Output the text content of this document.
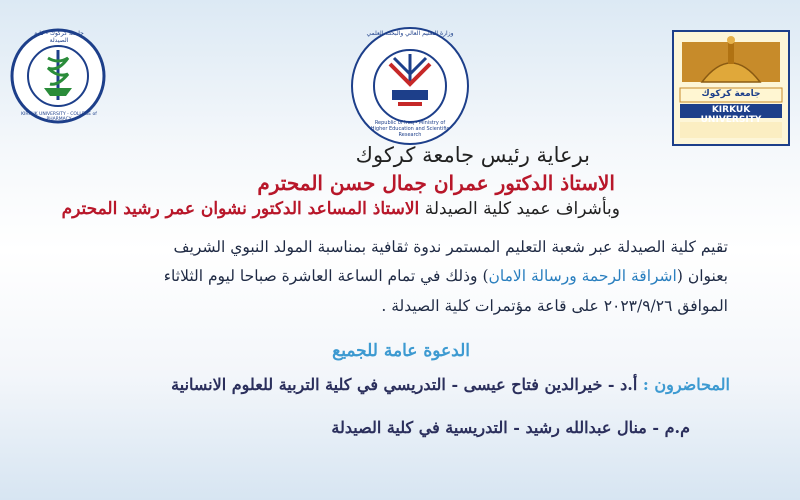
جامعة كركوك - كلية الصيدلة
KIRKUK UNIVERSITY - COLLEGE of PHARMACY
وزارة التعليم العالي والبحث العلمي
Republic of Iraq - Ministry of Higher Education and Scientific Research
جامعة كركوك
KIRKUK UNIVERSITY
برعاية رئيس جامعة كركوك
الاستاذ الدكتور عمران جمال حسن المحترم
وبأشراف عميد كلية الصيدلة الاستاذ المساعد الدكتور نشوان عمر رشيد المحترم
تقيم كلية الصيدلة عبر شعبة التعليم المستمر ندوة ثقافية بمناسبة المولد النبوي الشريف
بعنوان (اشراقة الرحمة ورسالة الامان) وذلك في تمام الساعة العاشرة صباحا ليوم الثلاثاء
الموافق ٢٠٢٣/٩/٢٦ على قاعة مؤتمرات كلية الصيدلة .
الدعوة عامة للجميع
المحاضرون : أ.د - خيرالدين فتاح عيسى - التدريسي في كلية التربية للعلوم الانسانية
م.م - منال عبدالله رشيد - التدريسية في كلية الصيدلة
